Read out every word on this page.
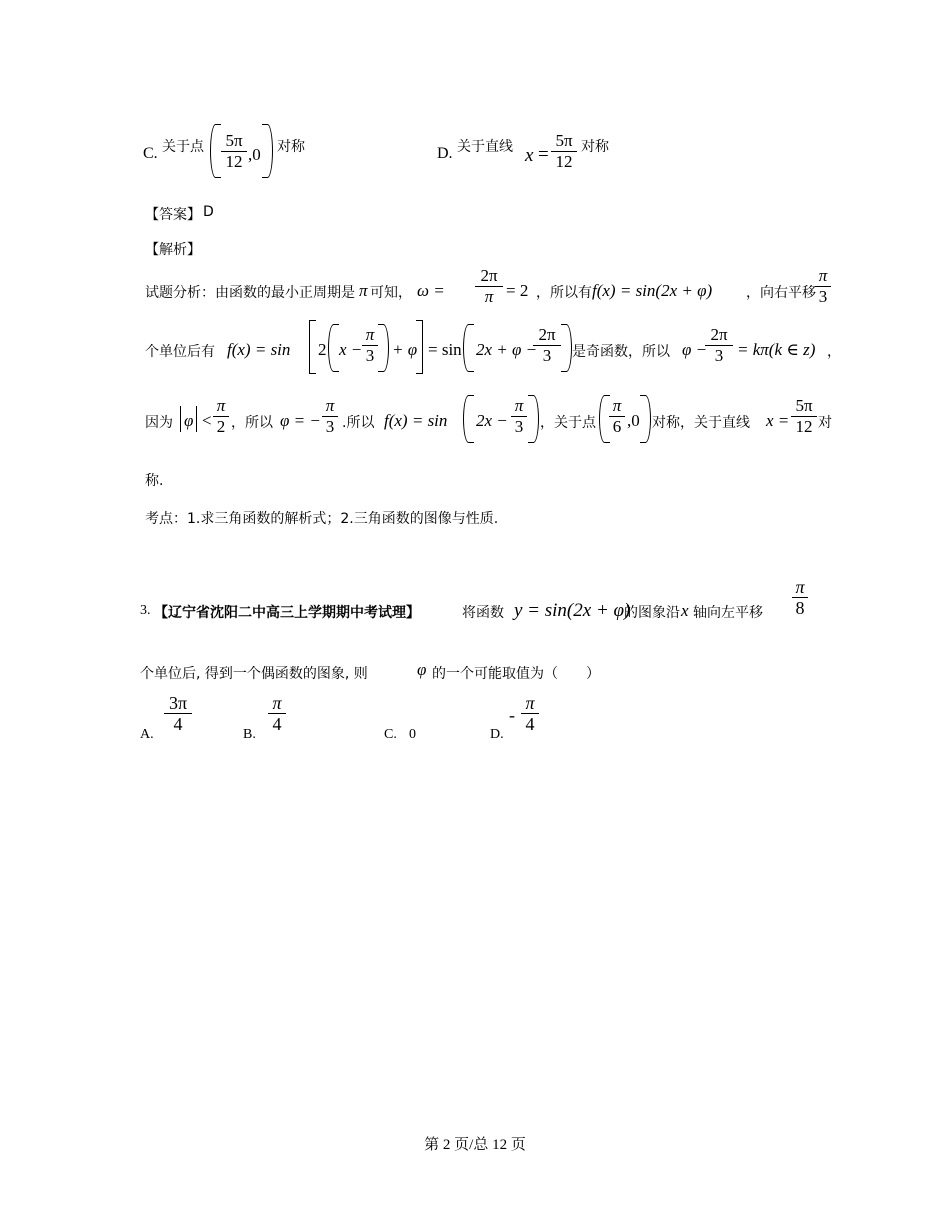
C. 关于点 5π
12 ,0 对称	D. 关于直线 x =
5π
12
对称
【答案】 D
【解析】
试题分析：由函数的最小正周期是 π 可知， ω =
2π
π = 2 ，所以有 f(x) = sin(2x + φ) ，向右平移
π
3
个单位后有 f(x) = sin 2 x −
π
3 + φ = sin 2x + φ −
2π
3	是奇函数，所以 φ −
2π
3 = kπ(k ∈ z) ，
因为 φ <
π
2 ，所以 φ = −
π
3 .所以 f(x) = sin 2x −
π
3 ，关于点
π
6 ,0 对称，关于直线 x =
5π
12 对
称.
考点：1.求三角函数的解析式；2.三角函数的图像与性质.
3. 【辽宁省沈阳二中高三上学期期中考试理】	将函数 y = sin(2x + φ)
的图象沿 x 轴向左平移
π
8
个单位后, 得到一个偶函数的图象, 则	φ 的一个可能取值为（　　）
A.
3π
4
B.
π
4
C. 0	D.
-
π
4
第 2 页/总 12 页
